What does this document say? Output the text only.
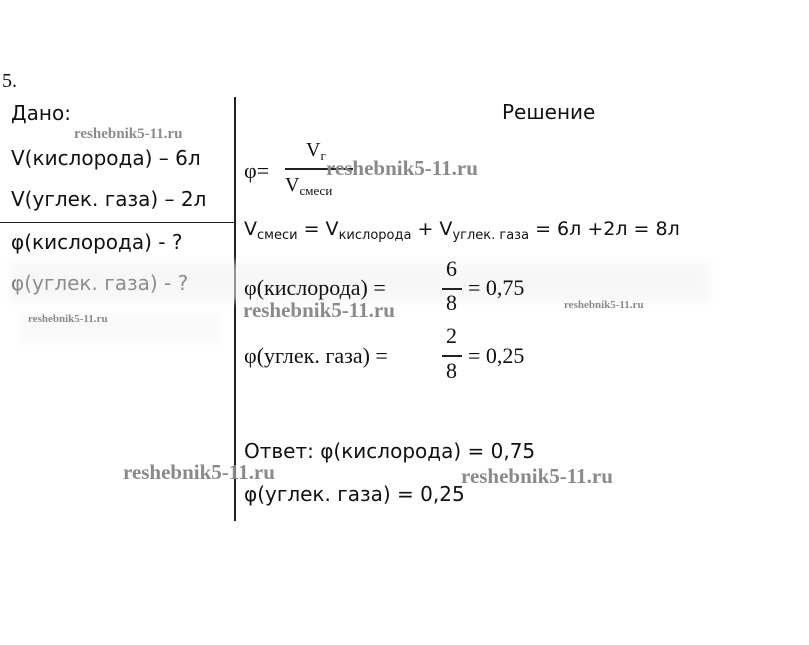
5.
Дано:
V(кислорода) – 6л
V(углек. газа) – 2л
φ(кислорода) - ?
Решение
φ=
$V_г$
$V_{смеси}$
$V_{смеси} = V_{кислорода} + V_{углек. газа} = 6л +2л = 8л$
φ(кислорода) =
6
8
= 0,75
φ(углек. газа) =
2
8
= 0,25
Ответ: φ(кислорода) = 0,75
φ(углек. газа) = 0,25
reshebnik5-11.ru
reshebnik5-11.ru
reshebnik5-11.ru	reshebnik5-11.ru	reshebnik5-11.ru
reshebnik5-11.ru	reshebnik5-11.ru
